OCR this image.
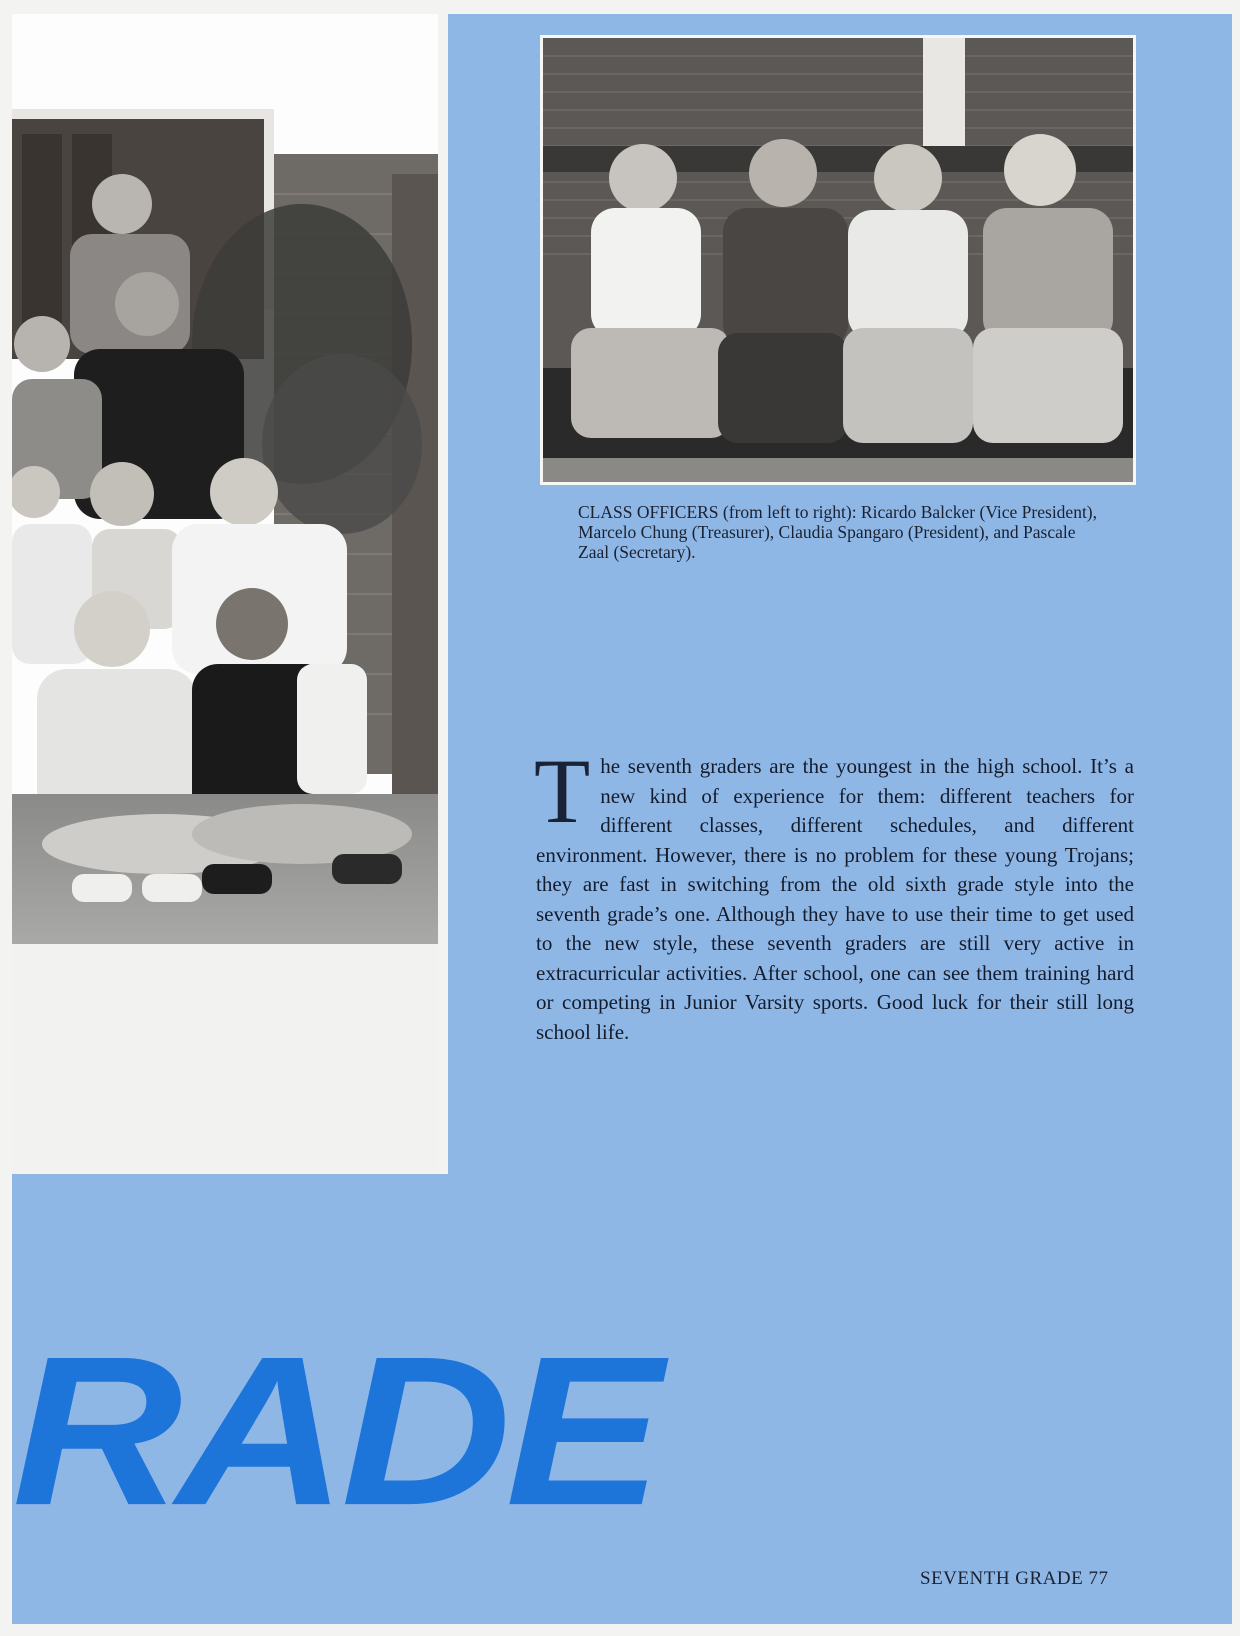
CLASS OFFICERS (from left to right): Ricardo Balcker (Vice President), Marcelo Chung (Treasurer), Claudia Spangaro (President), and Pascale Zaal (Secretary).

The seventh graders are the youngest in the high school. It’s a new kind of experience for them: different teachers for different classes, different schedules, and different environment. However, there is no problem for these young Trojans; they are fast in switching from the old sixth grade style into the seventh grade’s one. Although they have to use their time to get used to the new style, these seventh graders are still very active in extracurricular activities. After school, one can see them training hard or competing in Junior Varsity sports. Good luck for their still long school life.

RADE
SEVENTH GRADE 77
